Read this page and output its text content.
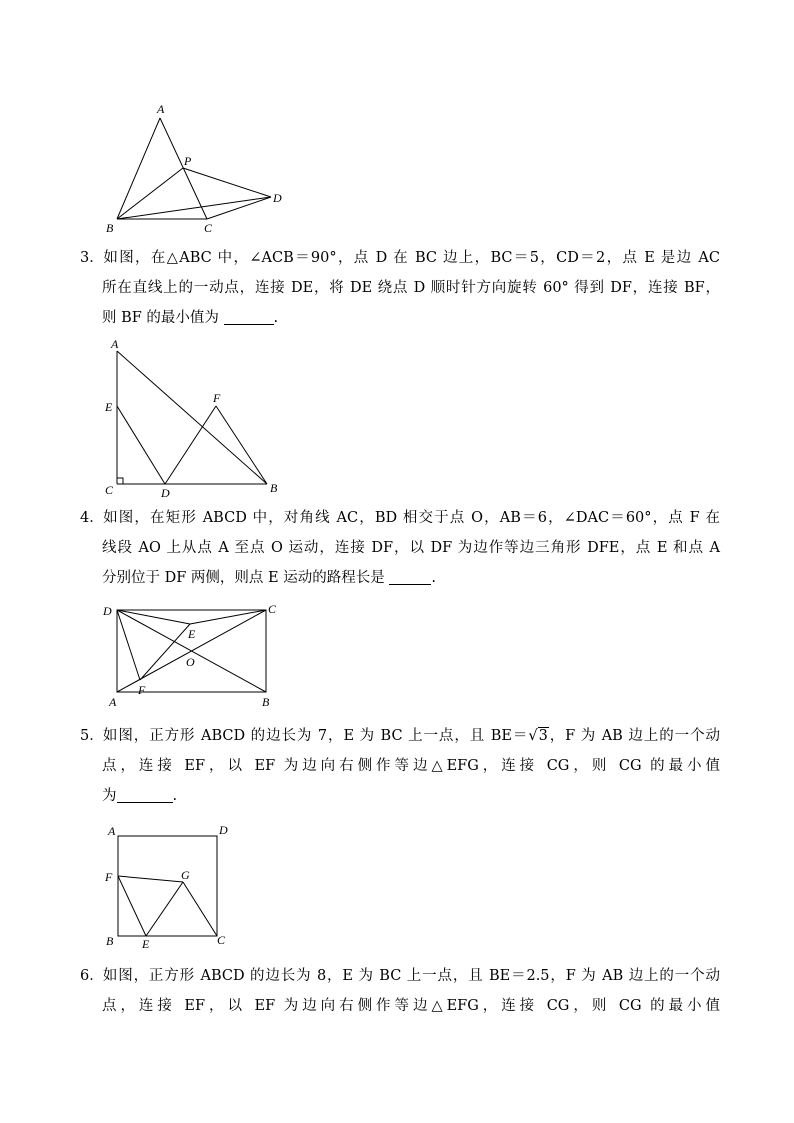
A
P
D
B	C
3．如图，在△ABC 中，∠ACB＝90°，点 D 在 BC 边上，BC＝5，CD＝2，点 E 是边 AC
所在直线上的一动点，连接 DE，将 DE 绕点 D 顺时针方向旋转 60° 得到 DF，连接 BF，
则 BF 的最小值为	.
A
E
F
C	D	B
4．如图，在矩形 ABCD 中，对角线 AC，BD 相交于点 O，AB＝6，∠DAC＝60°，点 F 在
线段 AO 上从点 A 至点 O 运动，连接 DF，以 DF 为边作等边三角形 DFE，点 E 和点 A
分别位于 DF 两侧，则点 E 运动的路程长是	.
D	C
E
O
F
A	B
5．如图，正方形 ABCD 的边长为 7，E 为 BC 上一点，且 BE＝√3，F 为 AB 边上的一个动
点，连接 EF，以 EF 为边向右侧作等边△EFG，连接 CG，则 CG 的最小值
为	.
A	D
F	G
B E	C
6．如图，正方形 ABCD 的边长为 8，E 为 BC 上一点，且 BE＝2.5，F 为 AB 边上的一个动
点，连接 EF，以 EF 为边向右侧作等边△EFG，连接 CG，则 CG 的最小值
